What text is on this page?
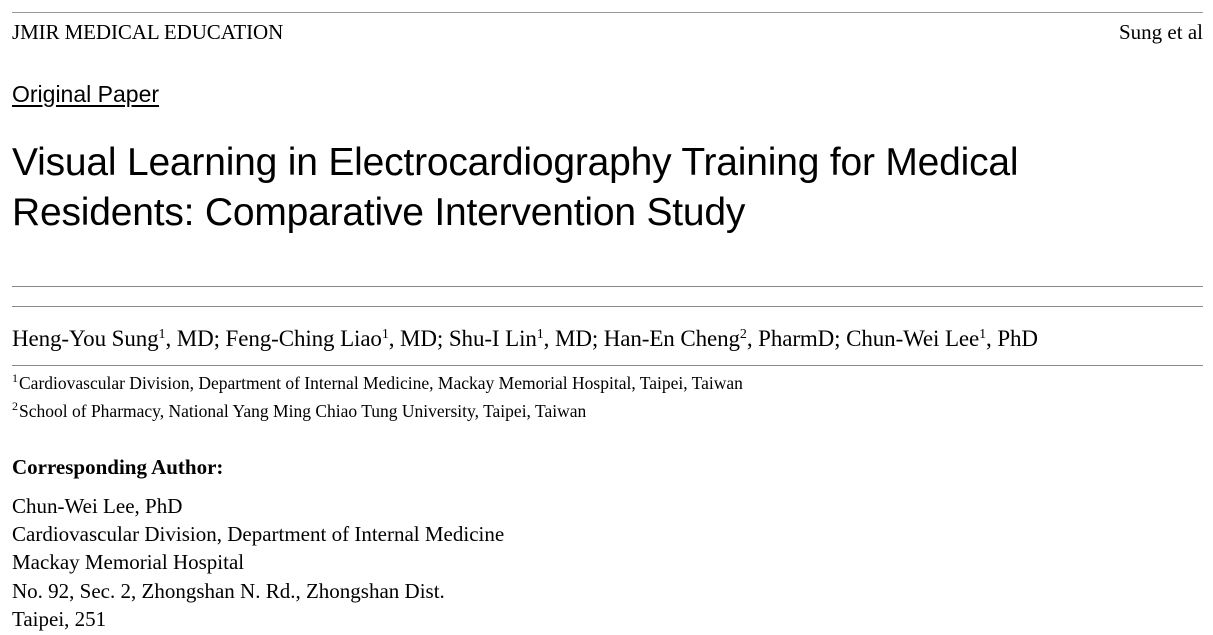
JMIR MEDICAL EDUCATION	Sung et al
Original Paper
Visual Learning in Electrocardiography Training for Medical Residents: Comparative Intervention Study
Heng-You Sung$^1$, MD; Feng-Ching Liao$^1$, MD; Shu-I Lin$^1$, MD; Han-En Cheng$^2$, PharmD; Chun-Wei Lee$^1$, PhD
$^1$Cardiovascular Division, Department of Internal Medicine, Mackay Memorial Hospital, Taipei, Taiwan
$^2$School of Pharmacy, National Yang Ming Chiao Tung University, Taipei, Taiwan
Corresponding Author:
Chun-Wei Lee, PhD
Cardiovascular Division, Department of Internal Medicine
Mackay Memorial Hospital
No. 92, Sec. 2, Zhongshan N. Rd., Zhongshan Dist.
Taipei, 251
